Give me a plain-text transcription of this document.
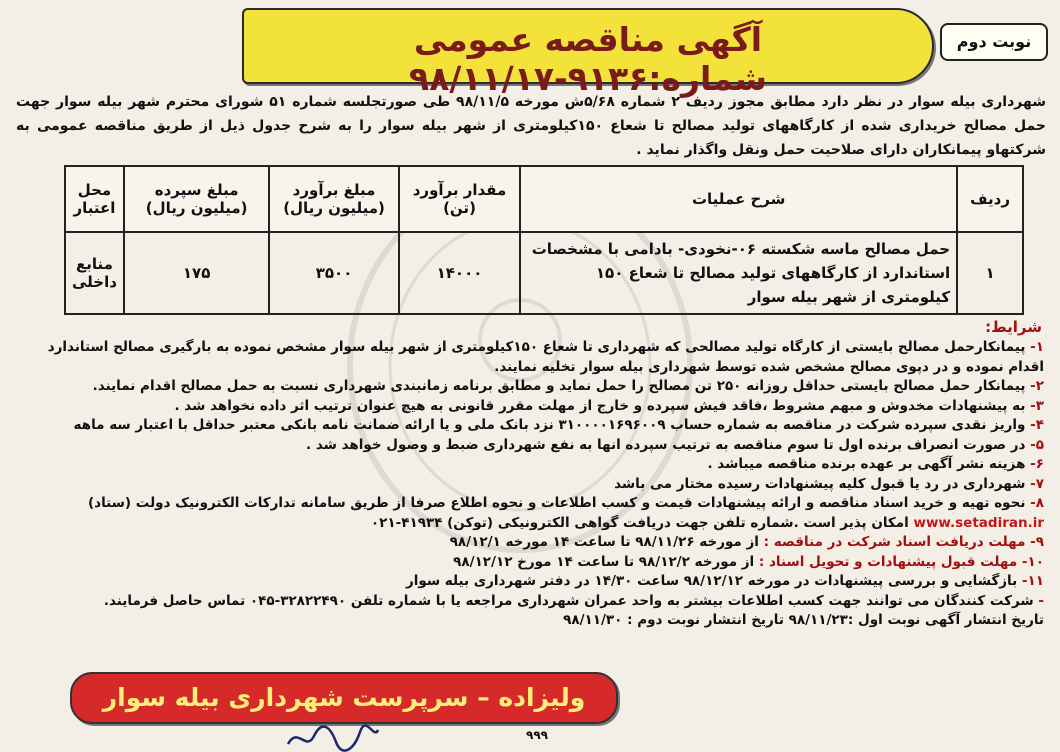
آگهی مناقصه عمومی شماره:۹۱۳۶-۹۸/۱۱/۱۷
نوبت دوم
شهرداری بیله سوار در نظر دارد مطابق مجوز ردیف ۲ شماره ۵/۶۸ش مورخه ۹۸/۱۱/۵ طی صورتجلسه شماره ۵۱ شورای محترم شهر بیله سوار جهت حمل مصالح خریداری شده از کارگاههای تولید مصالح تا شعاع ۱۵۰کیلومتری از شهر بیله سوار را به شرح جدول ذیل از طریق مناقصه عمومی به شرکتهاو پیمانکاران دارای صلاحیت حمل ونقل واگذار نماید .
ردیف	شرح عملیات	مقدار برآورد (تن)	مبلغ برآورد (میلیون ریال)	مبلغ سپرده (میلیون ریال)	محل اعتبار
۱	حمل مصالح ماسه شکسته ۰۶-نخودی- بادامی با مشخصات استاندارد از کارگاههای تولید مصالح تا شعاع ۱۵۰ کیلومتری از شهر بیله سوار	۱۴۰۰۰	۳۵۰۰	۱۷۵	منابع داخلی
شرایط:

۱- پیمانکارحمل مصالح بایستی از کارگاه تولید مصالحی که شهرداری تا شعاع ۱۵۰کیلومتری از شهر بیله سوار مشخص نموده به بارگیری مصالح استاندارد اقدام نموده و در دپوی مصالح مشخص شده توسط شهرداری بیله سوار تخلیه نمایند.

۲- پیمانکار حمل مصالح بایستی حداقل روزانه ۲۵۰ تن مصالح را حمل نماید و مطابق برنامه زمانبندی شهرداری نسبت به حمل مصالح اقدام نمایند.

۳- به پیشنهادات مخدوش و مبهم مشروط ،فاقد فیش سپرده و خارج از مهلت مقرر قانونی به هیچ عنوان ترتیب اثر داده نخواهد شد .

۴- واریز نقدی سپرده شرکت در مناقصه به شماره حساب ۳۱۰۰۰۰۱۶۹۶۰۰۹ نزد بانک ملی و یا ارائه ضمانت نامه بانکی معتبر حداقل با اعتبار سه ماهه

۵- در صورت انصراف برنده اول تا سوم مناقصه به ترتیب سپرده انها به نفع شهرداری ضبط و وصول خواهد شد .

۶- هزینه نشر آگهی بر عهده برنده مناقصه میباشد .

۷- شهرداری در رد یا قبول کلیه پیشنهادات رسیده مختار می باشد

۸- نحوه تهیه و خرید اسناد مناقصه و ارائه پیشنهادات قیمت و کسب اطلاعات و نحوه اطلاع صرفا از طریق سامانه تدارکات الکترونیک دولت (ستاد) www.setadiran.ir امکان پذیر است .شماره تلفن جهت دریافت گواهی الکترونیکی (توکن) ۴۱۹۳۴-۰۲۱

۹- مهلت دریافت اسناد شرکت در مناقصه : از مورخه ۹۸/۱۱/۲۶ تا ساعت ۱۴ مورخه ۹۸/۱۲/۱

۱۰- مهلت قبول پیشنهادات و تحویل اسناد : از مورخه ۹۸/۱۲/۲ تا ساعت ۱۴ مورخ ۹۸/۱۲/۱۲

۱۱- بازگشایی و بررسی پیشنهادات در مورخه ۹۸/۱۲/۱۲ ساعت ۱۴/۳۰ در دفتر شهرداری بیله سوار

- شرکت کنندگان می توانند جهت کسب اطلاعات بیشتر به واحد عمران شهرداری مراجعه یا با شماره تلفن ۳۲۸۲۲۴۹۰-۰۴۵ تماس حاصل فرمایند.

تاریخ انتشار آگهی نوبت اول :۹۸/۱۱/۲۳ تاریخ انتشار نوبت دوم : ۹۸/۱۱/۳۰

ولیزاده – سرپرست شهرداری بیله سوار
۹۹۹
